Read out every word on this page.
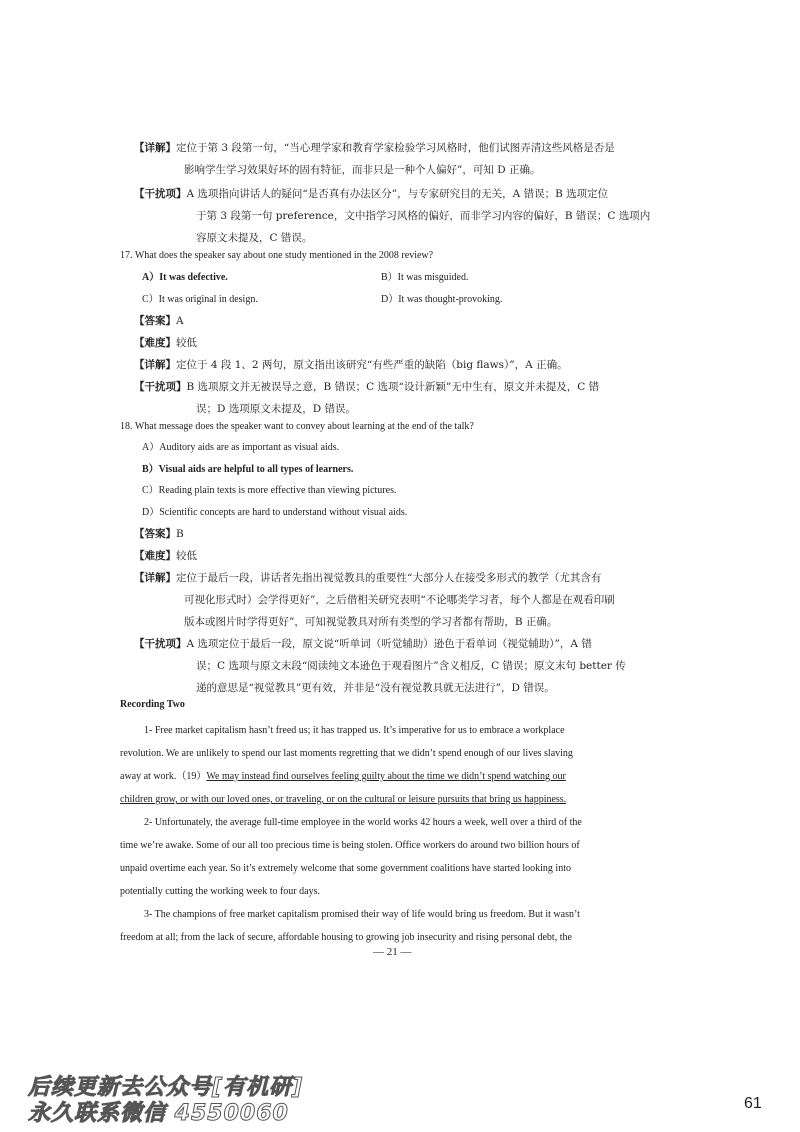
【详解】定位于第 3 段第一句，“当心理学家和教育学家检验学习风格时，他们试图弄清这些风格是否是
影响学生学习效果好坏的固有特征，而非只是一种个人偏好”，可知 D 正确。
【干扰项】A 选项指向讲话人的疑问“是否真有办法区分”，与专家研究目的无关，A 错误；B 选项定位
于第 3 段第一句 preference，文中指学习风格的偏好，而非学习内容的偏好，B 错误；C 选项内
容原文未提及，C 错误。
17. What does the speaker say about one study mentioned in the 2008 review?
A）It was defective.	B）It was misguided.
C）It was original in design.	D）It was thought-provoking.
【答案】A
【难度】较低
【详解】定位于 4 段 1、2 两句，原文指出该研究“有些严重的缺陷（big flaws）”，A 正确。
【干扰项】B 选项原文并无被误导之意，B 错误；C 选项“设计新颖”无中生有，原文并未提及，C 错
误；D 选项原文未提及，D 错误。
18. What message does the speaker want to convey about learning at the end of the talk?
A）Auditory aids are as important as visual aids.
B）Visual aids are helpful to all types of learners.
C）Reading plain texts is more effective than viewing pictures.
D）Scientific concepts are hard to understand without visual aids.
【答案】B
【难度】较低
【详解】定位于最后一段，讲话者先指出视觉教具的重要性“大部分人在接受多形式的教学（尤其含有
可视化形式时）会学得更好”，之后借相关研究表明“不论哪类学习者，每个人都是在观看印刷
版本或图片时学得更好”，可知视觉教具对所有类型的学习者都有帮助，B 正确。
【干扰项】A 选项定位于最后一段，原文说“听单词（听觉辅助）逊色于看单词（视觉辅助）”，A 错
误；C 选项与原文末段“阅读纯文本逊色于观看图片”含义相反，C 错误；原文末句 better 传
递的意思是“视觉教具”更有效，并非是“没有视觉教具就无法进行”，D 错误。
Recording Two
1- Free market capitalism hasn’t freed us; it has trapped us. It’s imperative for us to embrace a workplace
revolution. We are unlikely to spend our last moments regretting that we didn’t spend enough of our lives slaving
away at work.（19）We may instead find ourselves feeling guilty about the time we didn’t spend watching our
children grow, or with our loved ones, or traveling, or on the cultural or leisure pursuits that bring us happiness.
2- Unfortunately, the average full-time employee in the world works 42 hours a week, well over a third of the
time we’re awake. Some of our all too precious time is being stolen. Office workers do around two billion hours of
unpaid overtime each year. So it’s extremely welcome that some government coalitions have started looking into
potentially cutting the working week to four days.
3- The champions of free market capitalism promised their way of life would bring us freedom. But it wasn’t
freedom at all; from the lack of secure, affordable housing to growing job insecurity and rising personal debt, the
— 21 —
后续更新去公众号[有机研]
永久联系微信 4550060	61
